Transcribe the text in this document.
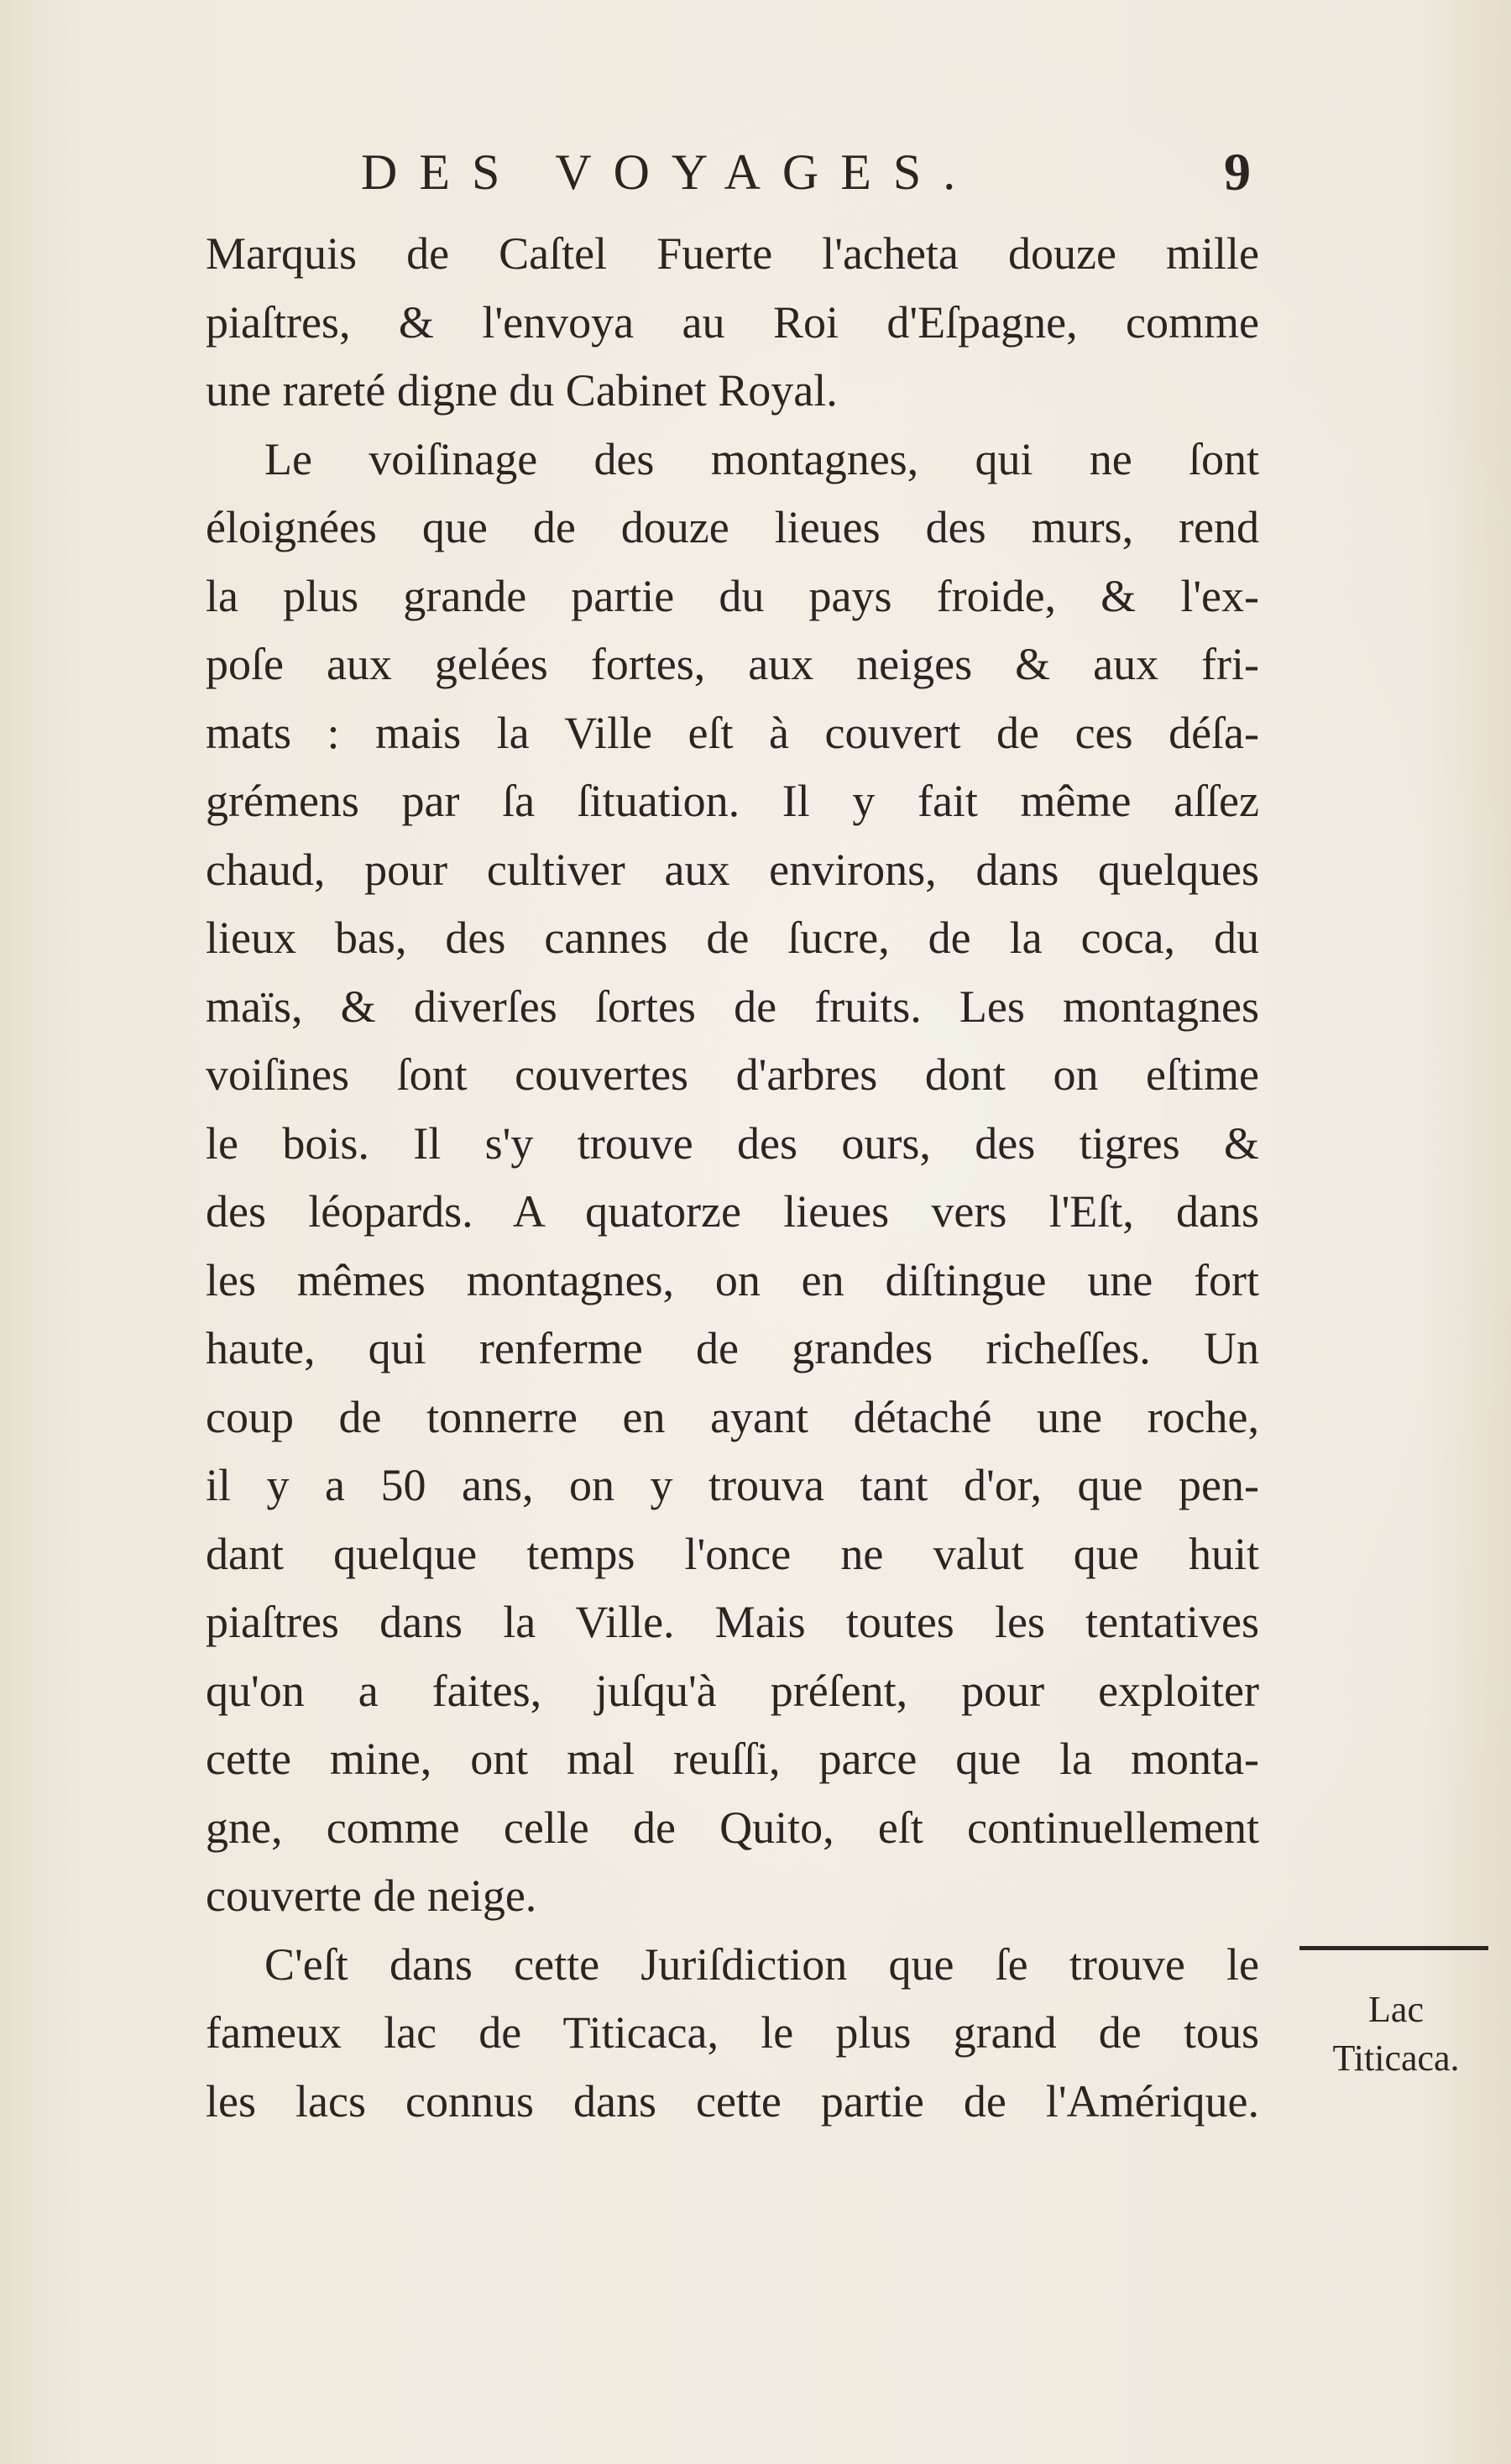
DES VOYAGES.	9
Marquis de Caſtel Fuerte l'acheta douze mille
piaſtres, & l'envoya au Roi d'Eſpagne, comme
une rareté digne du Cabinet Royal.
Le voiſinage des montagnes, qui ne ſont
éloignées que de douze lieues des murs, rend
la plus grande partie du pays froide, & l'ex-
poſe aux gelées fortes, aux neiges & aux fri-
mats : mais la Ville eſt à couvert de ces déſa-
grémens par ſa ſituation. Il y fait même aſſez
chaud, pour cultiver aux environs, dans quelques
lieux bas, des cannes de ſucre, de la coca, du
maïs, & diverſes ſortes de fruits. Les montagnes
voiſines ſont couvertes d'arbres dont on eſtime
le bois. Il s'y trouve des ours, des tigres &
des léopards. A quatorze lieues vers l'Eſt, dans
les mêmes montagnes, on en diſtingue une fort
haute, qui renferme de grandes richeſſes. Un
coup de tonnerre en ayant détaché une roche,
il y a 50 ans, on y trouva tant d'or, que pen-
dant quelque temps l'once ne valut que huit
piaſtres dans la Ville. Mais toutes les tentatives
qu'on a faites, juſqu'à préſent, pour exploiter
cette mine, ont mal reuſſi, parce que la monta-
gne, comme celle de Quito, eſt continuellement
couverte de neige.
C'eſt dans cette Juriſdiction que ſe trouve le
fameux lac de Titicaca, le plus grand de tous
les lacs connus dans cette partie de l'Amérique.
Lac
Titicaca.
